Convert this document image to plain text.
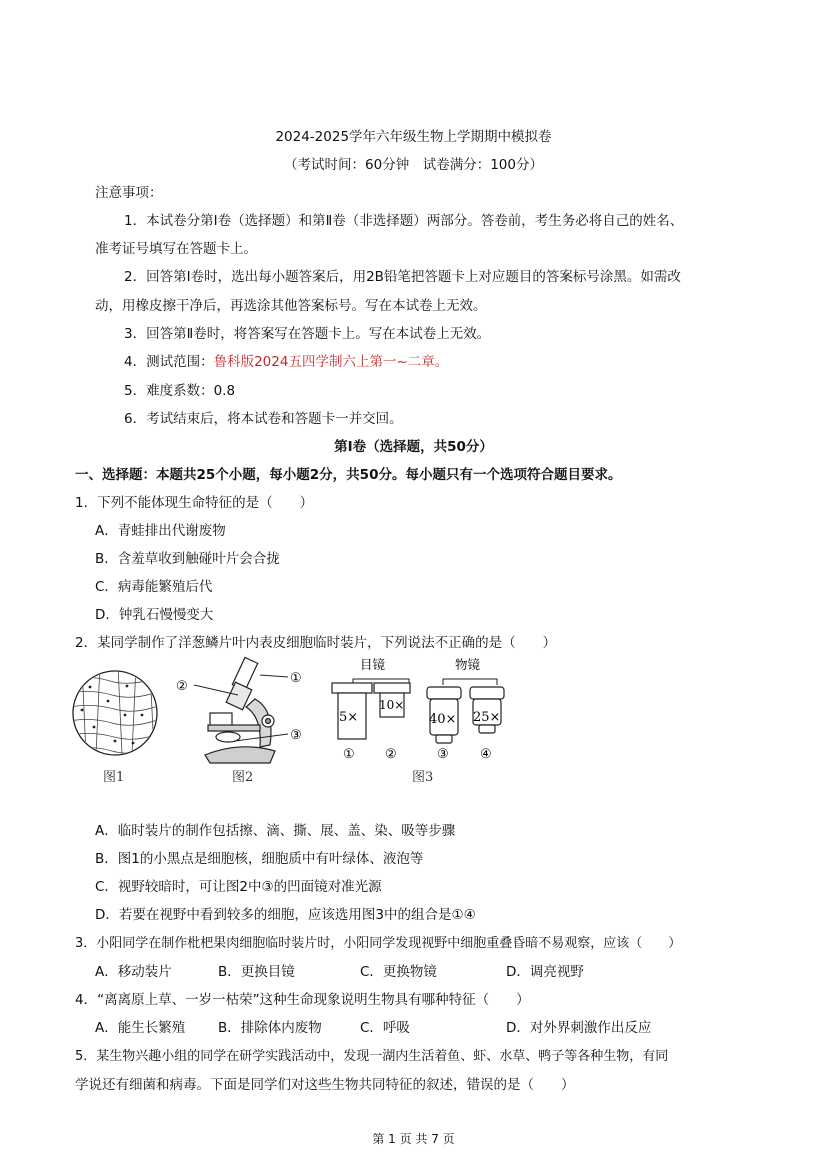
2024-2025学年六年级生物上学期期中模拟卷
（考试时间：60分钟　试卷满分：100分）
注意事项：
1．本试卷分第Ⅰ卷（选择题）和第Ⅱ卷（非选择题）两部分。答卷前，考生务必将自己的姓名、
准考证号填写在答题卡上。
2．回答第Ⅰ卷时，选出每小题答案后，用2B铅笔把答题卡上对应题目的答案标号涂黑。如需改
动，用橡皮擦干净后，再选涂其他答案标号。写在本试卷上无效。
3．回答第Ⅱ卷时，将答案写在答题卡上。写在本试卷上无效。
4．测试范围：鲁科版2024五四学制六上第一~二章。
5．难度系数：0.8
6．考试结束后，将本试卷和答题卡一并交回。
第Ⅰ卷（选择题，共50分）
一、选择题：本题共25个小题，每小题2分，共50分。每小题只有一个选项符合题目要求。
1．下列不能体现生命特征的是（　　）
A．青蛙排出代谢废物
B．含羞草收到触碰叶片会合拢
C．病毒能繁殖后代
D．钟乳石慢慢变大
2．某同学制作了洋葱鳞片叶内表皮细胞临时装片，下列说法不正确的是（　　）
图1
②
①
③
图2
目镜	物镜
5×
10×
40× 25×
① ②	③ ④
图3
A．临时装片的制作包括擦、滴、撕、展、盖、染、吸等步骤
B．图1的小黑点是细胞核，细胞质中有叶绿体、液泡等
C．视野较暗时，可让图2中③的凹面镜对准光源
D．若要在视野中看到较多的细胞，应该选用图3中的组合是①④
3．小阳同学在制作枇杷果肉细胞临时装片时，小阳同学发现视野中细胞重叠昏暗不易观察，应该（　　）
A．移动装片	B．更换目镜	C．更换物镜	D．调亮视野
4．“离离原上草、一岁一枯荣”这种生命现象说明生物具有哪种特征（　　）
A．能生长繁殖 B．排除体内废物	C．呼吸	D．对外界刺激作出反应
5．某生物兴趣小组的同学在研学实践活动中，发现一湖内生活着鱼、虾、水草、鸭子等各种生物，有同
学说还有细菌和病毒。下面是同学们对这些生物共同特征的叙述，错误的是（　　）
第 1 页 共 7 页
